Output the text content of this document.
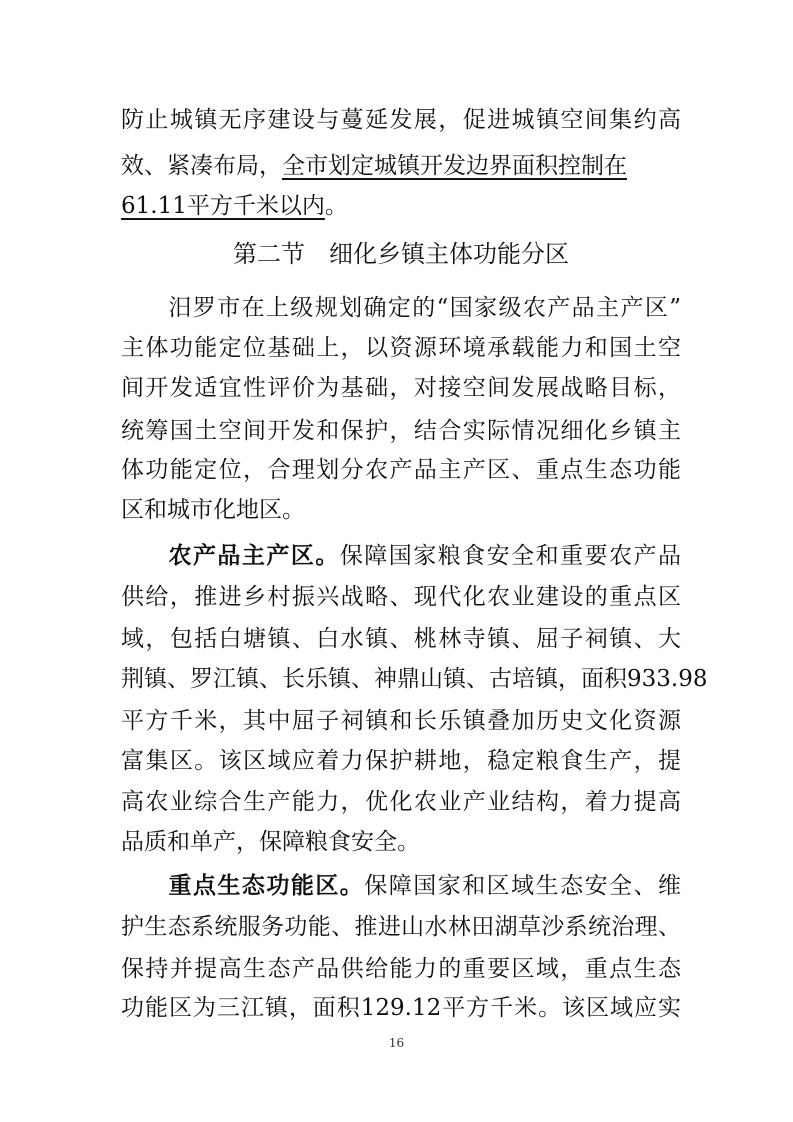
防止城镇无序建设与蔓延发展，促进城镇空间集约高
效、紧凑布局，全市划定城镇开发边界面积控制在
61.11平方千米以内。
第二节　细化乡镇主体功能分区
汨罗市在上级规划确定的“国家级农产品主产区”
主体功能定位基础上，以资源环境承载能力和国土空
间开发适宜性评价为基础，对接空间发展战略目标，
统筹国土空间开发和保护，结合实际情况细化乡镇主
体功能定位，合理划分农产品主产区、重点生态功能
区和城市化地区。
农产品主产区。保障国家粮食安全和重要农产品
供给，推进乡村振兴战略、现代化农业建设的重点区
域，包括白塘镇、白水镇、桃林寺镇、屈子祠镇、大
荆镇、罗江镇、长乐镇、神鼎山镇、古培镇，面积933.98
平方千米，其中屈子祠镇和长乐镇叠加历史文化资源
富集区。该区域应着力保护耕地，稳定粮食生产，提
高农业综合生产能力，优化农业产业结构，着力提高
品质和单产，保障粮食安全。
重点生态功能区。保障国家和区域生态安全、维
护生态系统服务功能、推进山水林田湖草沙系统治理、
保持并提高生态产品供给能力的重要区域，重点生态
功能区为三江镇，面积129.12平方千米。该区域应实
16
